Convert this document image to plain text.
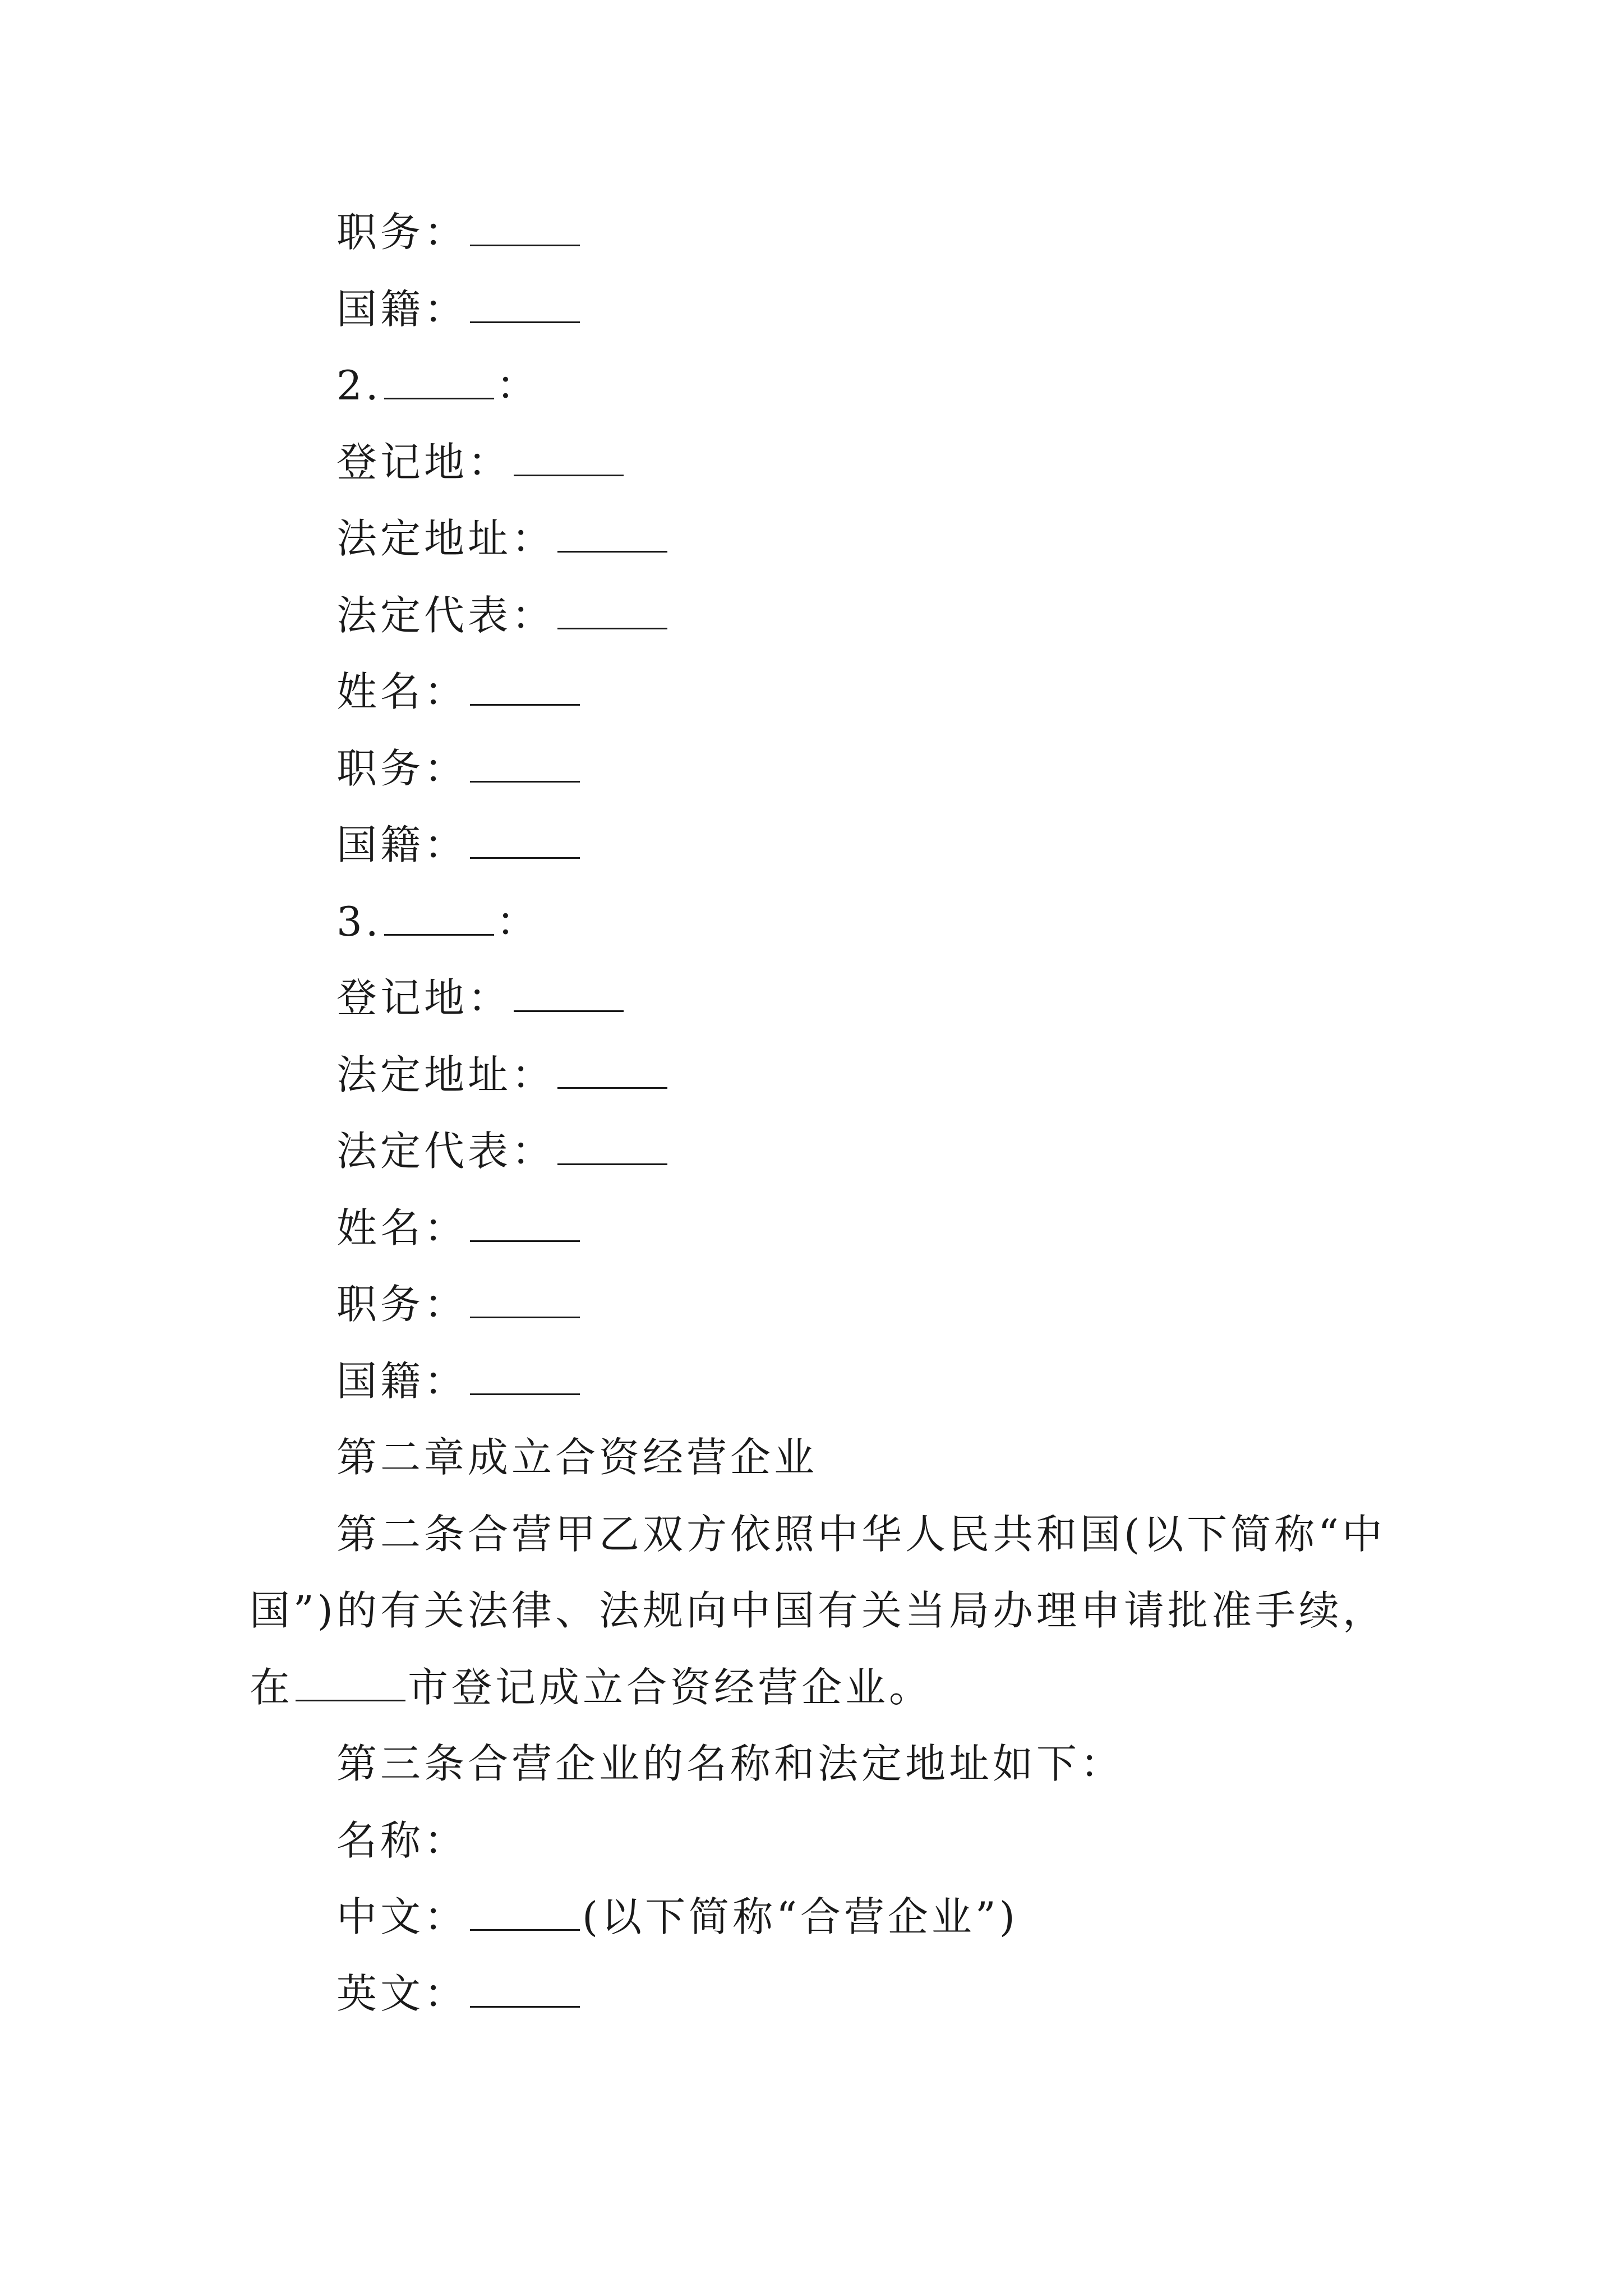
职务：
国籍：
2.	：
登记地：
法定地址：
法定代表：
姓名：
职务：
国籍：
3.	：
登记地：
法定地址：
法定代表：
姓名：
职务：
国籍：
第二章成立合资经营企业
第二条合营甲乙双方依照中华人民共和国(以下简称“中
国”)的有关法律、法规向中国有关当局办理申请批准手续，
在	市登记成立合资经营企业。
第三条合营企业的名称和法定地址如下：
名称：
中文：	(以下简称“合营企业”)
英文：
